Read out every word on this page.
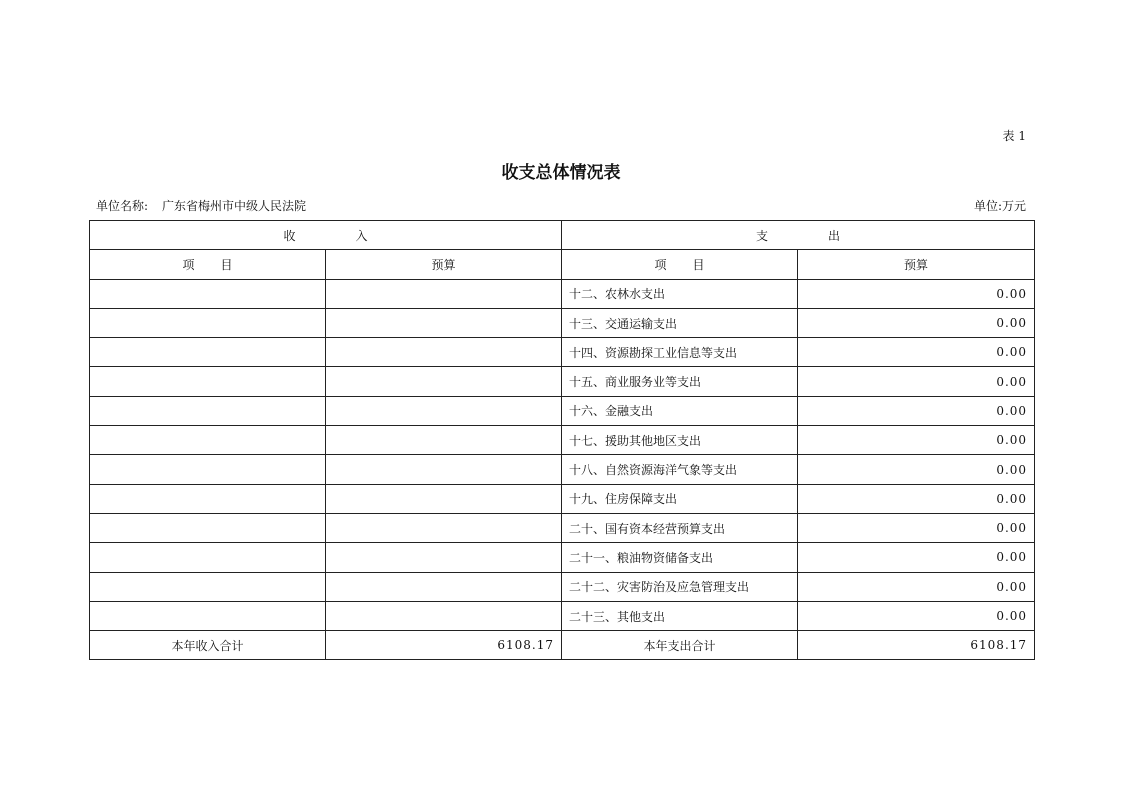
表 1
收支总体情况表
单位名称: 广东省梅州市中级人民法院	单位:万元
收入		支出	
项目	预算	项目	预算
		十二、农林水支出	0.00
		十三、交通运输支出	0.00
		十四、资源勘探工业信息等支出	0.00
		十五、商业服务业等支出	0.00
		十六、金融支出	0.00
		十七、援助其他地区支出	0.00
		十八、自然资源海洋气象等支出	0.00
		十九、住房保障支出	0.00
		二十、国有资本经营预算支出	0.00
		二十一、粮油物资储备支出	0.00
		二十二、灾害防治及应急管理支出	0.00
		二十三、其他支出	0.00
本年收入合计	6108.17	本年支出合计	6108.17
